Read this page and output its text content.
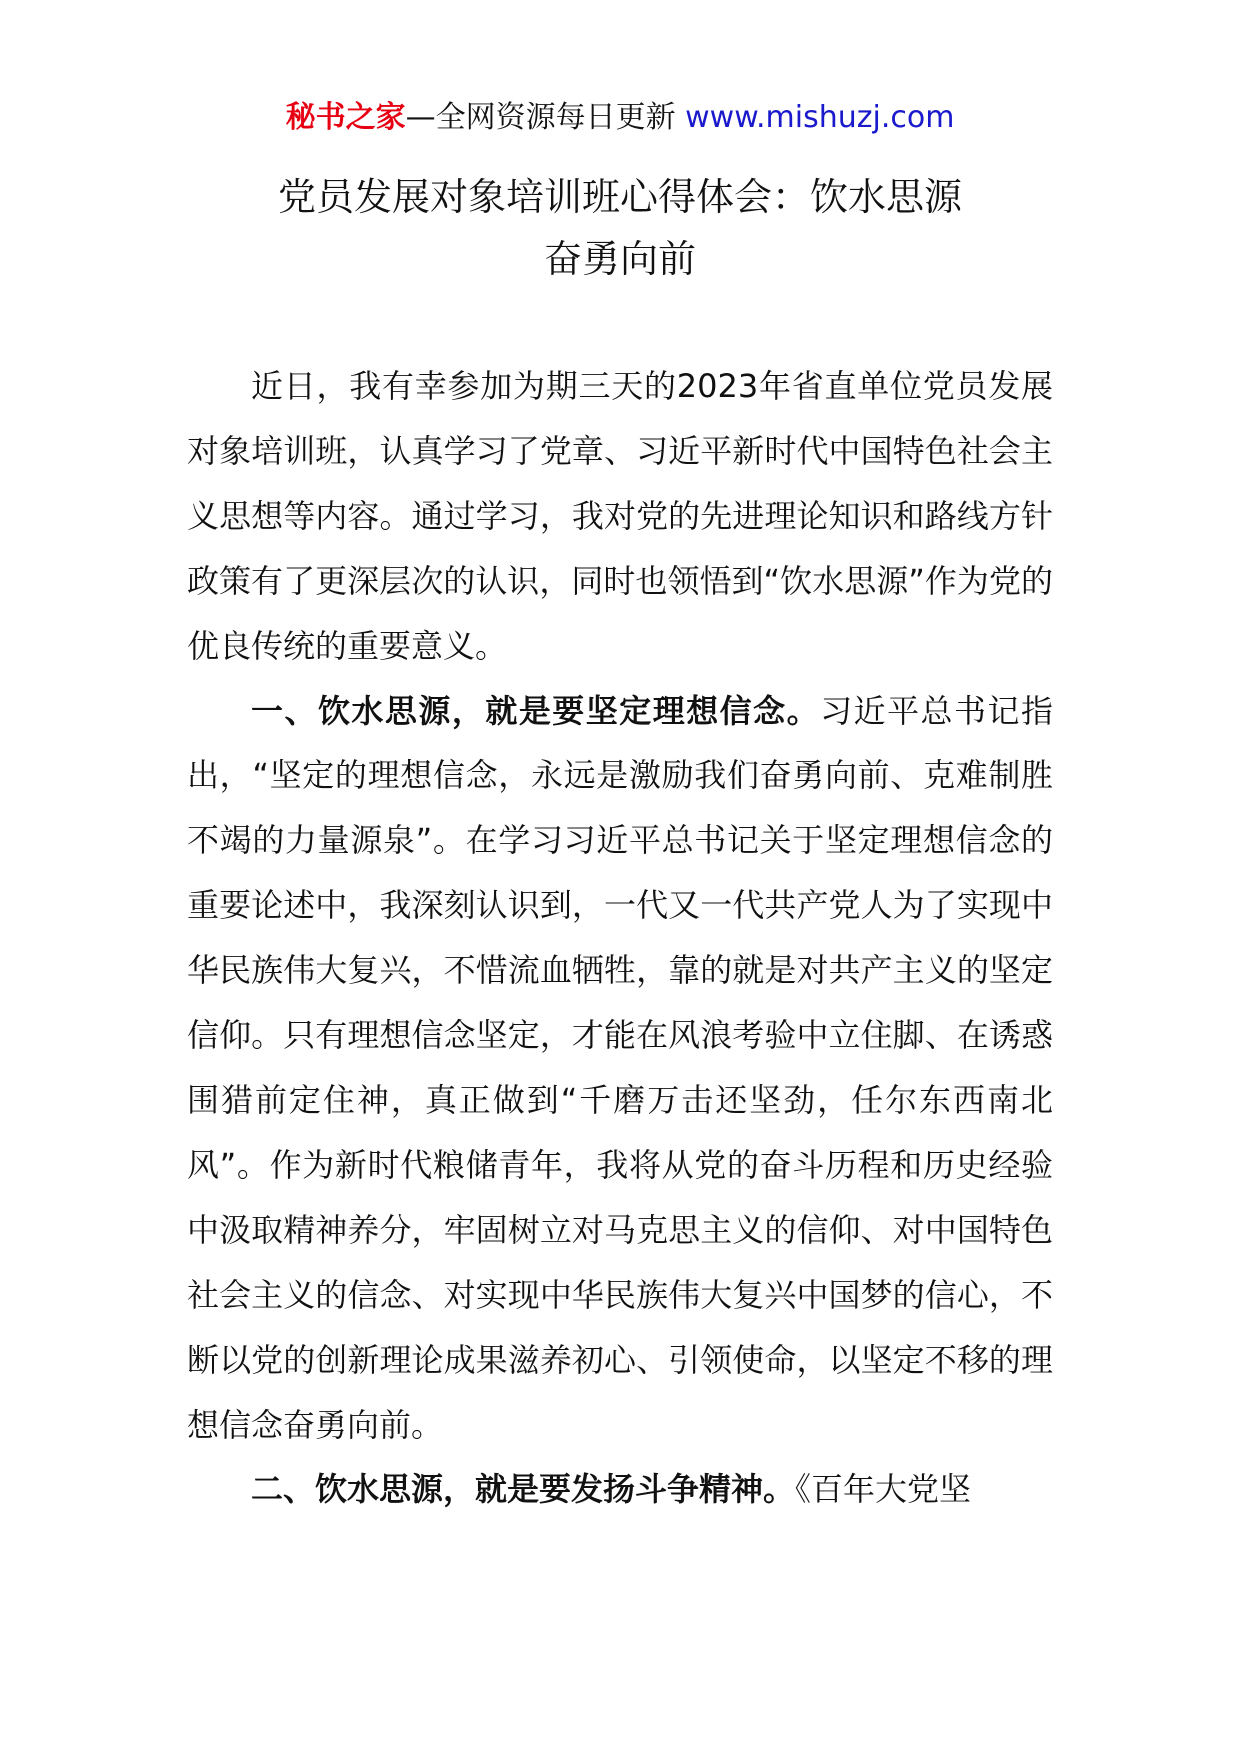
秘书之家—全网资源每日更新 www.mishuzj.com
党员发展对象培训班心得体会：饮水思源
奋勇向前

近日，我有幸参加为期三天的2023年省直单位党员发展对象培训班，认真学习了党章、习近平新时代中国特色社会主义思想等内容。通过学习，我对党的先进理论知识和路线方针政策有了更深层次的认识，同时也领悟到“饮水思源”作为党的优良传统的重要意义。

一、饮水思源，就是要坚定理想信念。习近平总书记指出，“坚定的理想信念，永远是激励我们奋勇向前、克难制胜不竭的力量源泉”。在学习习近平总书记关于坚定理想信念的重要论述中，我深刻认识到，一代又一代共产党人为了实现中华民族伟大复兴，不惜流血牺牲，靠的就是对共产主义的坚定信仰。只有理想信念坚定，才能在风浪考验中立住脚、在诱惑围猎前定住神，真正做到“千磨万击还坚劲，任尔东西南北风”。作为新时代粮储青年，我将从党的奋斗历程和历史经验中汲取精神养分，牢固树立对马克思主义的信仰、对中国特色社会主义的信念、对实现中华民族伟大复兴中国梦的信心，不断以党的创新理论成果滋养初心、引领使命，以坚定不移的理想信念奋勇向前。

二、饮水思源，就是要发扬斗争精神。《百年大党坚
